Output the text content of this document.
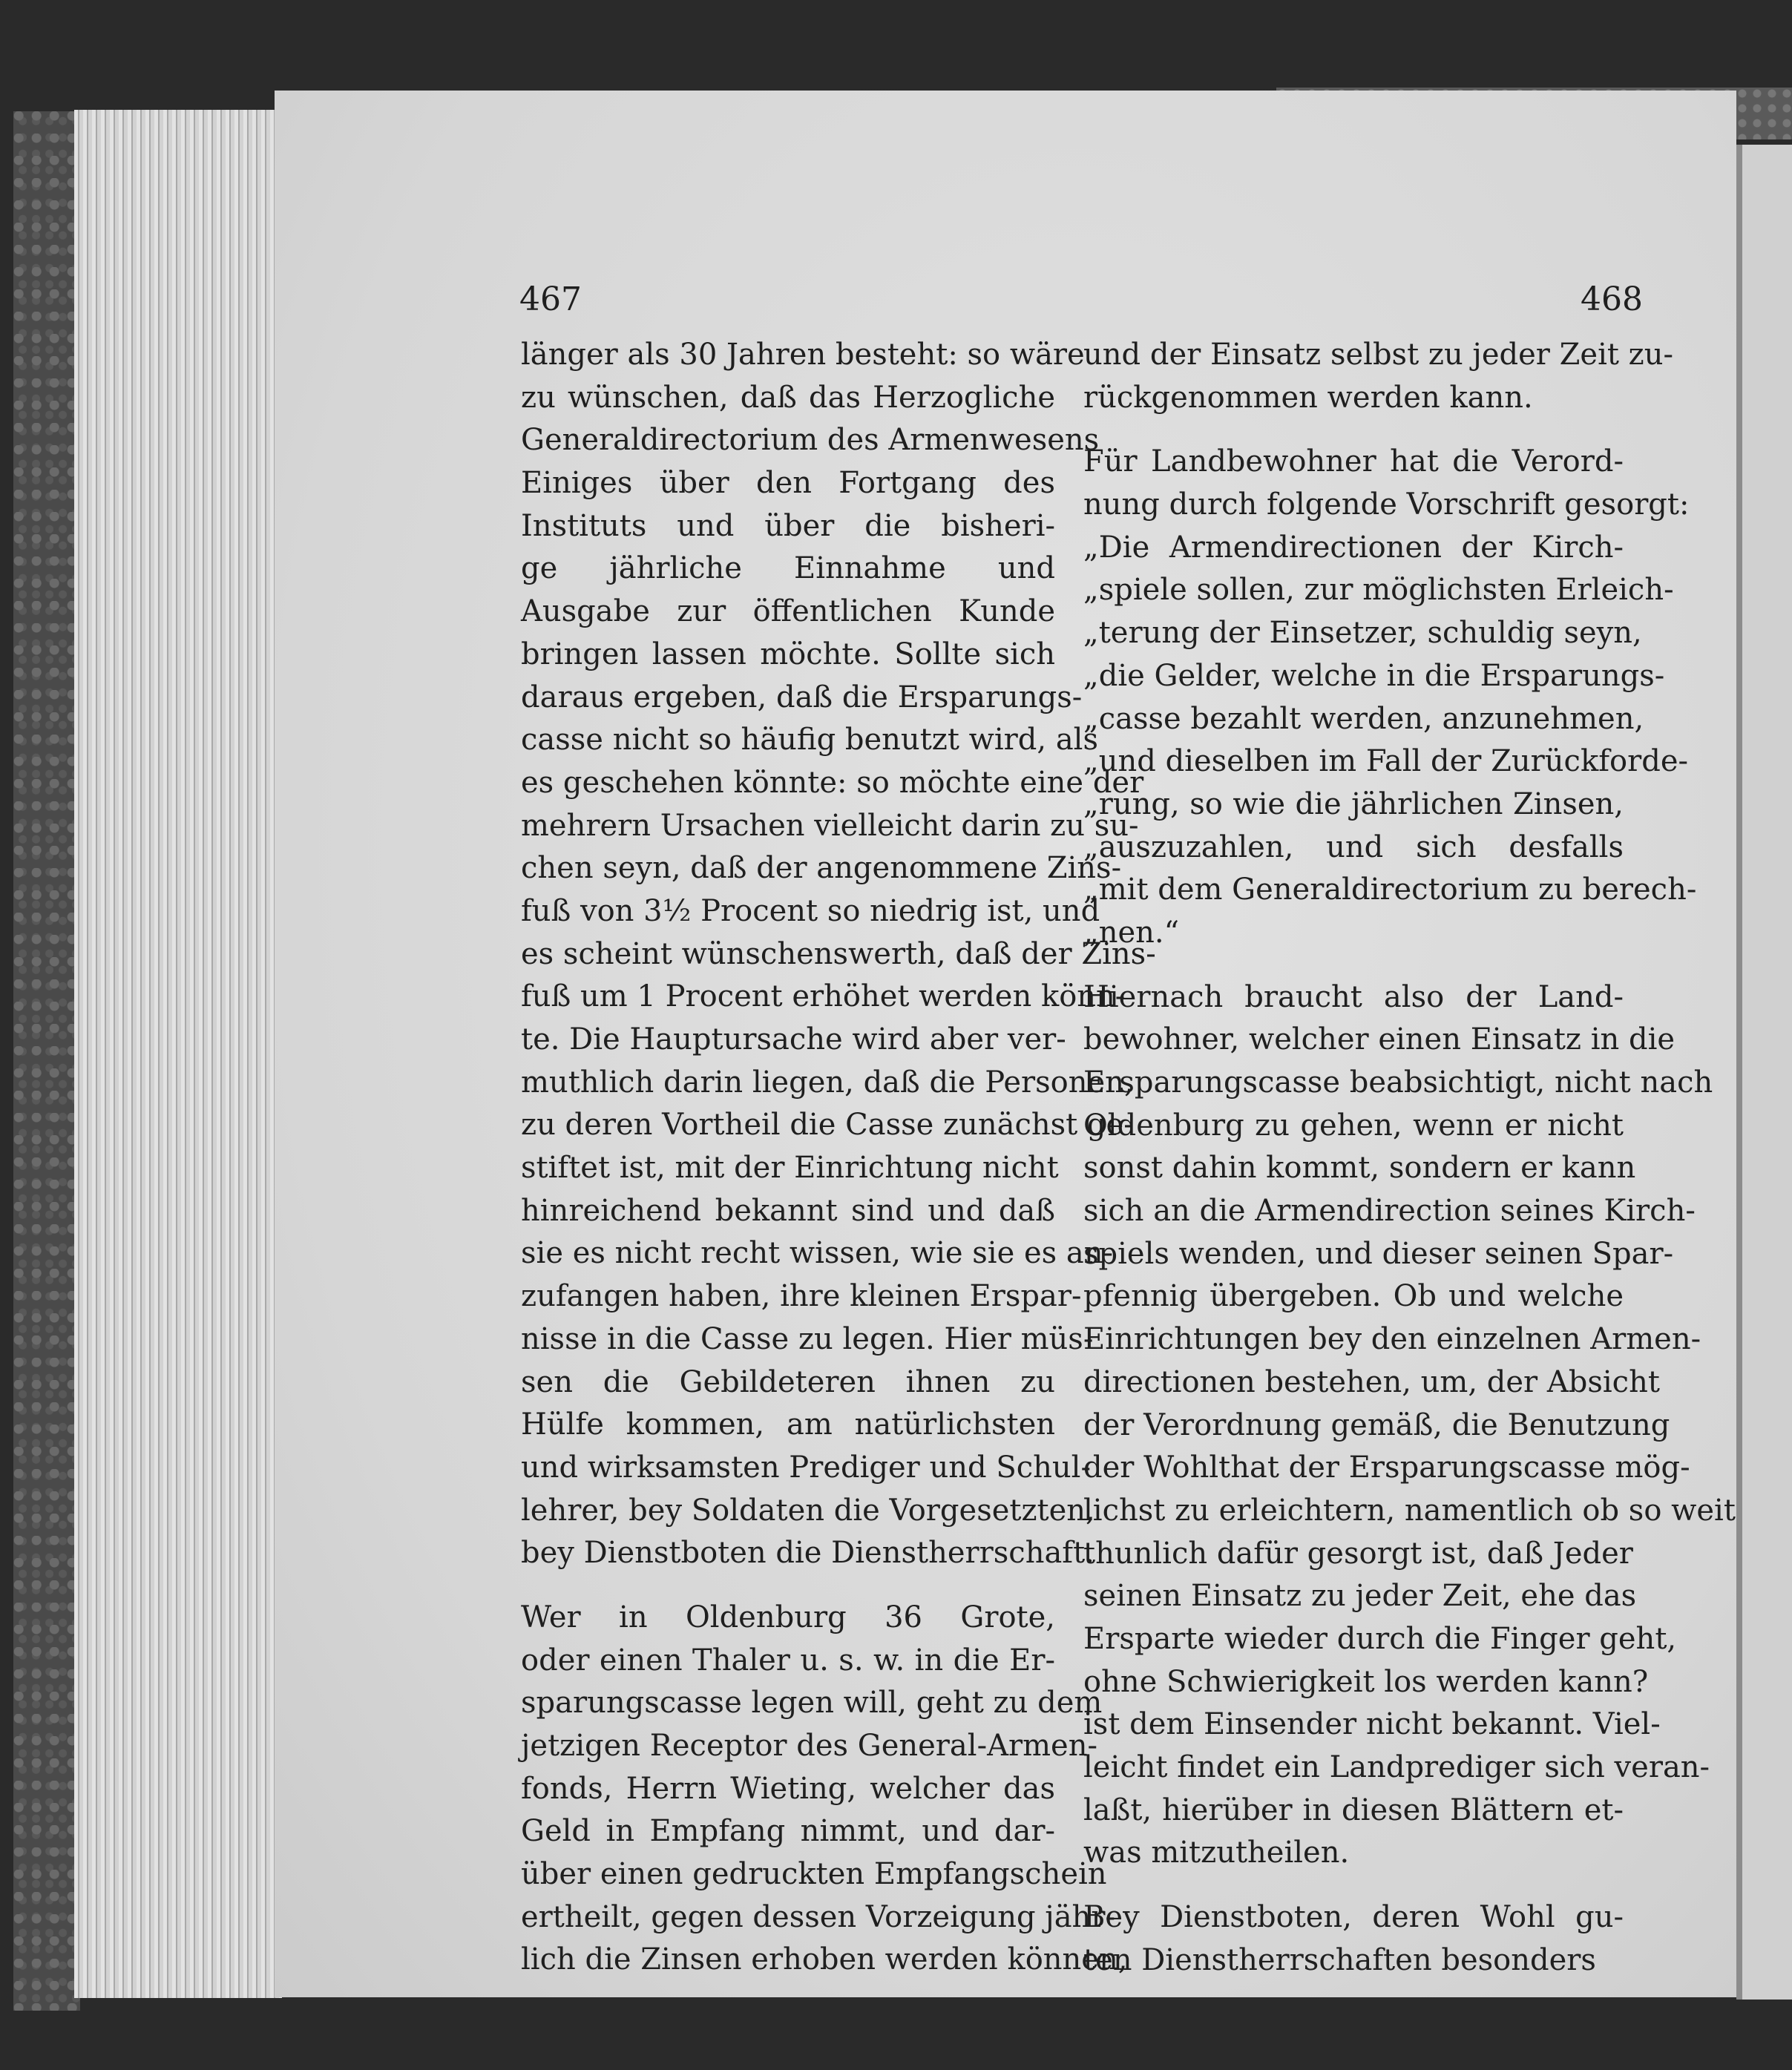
467	468
länger als 30 Jahren besteht: so wäre
zu wünschen, daß das Herzogliche
Generaldirectorium des Armenwesens
Einiges über den Fortgang des
Instituts und über die bisheri-
ge jährliche Einnahme und
Ausgabe zur öffentlichen Kunde
bringen lassen möchte. Sollte sich
daraus ergeben, daß die Ersparungs-
casse nicht so häufig benutzt wird, als
es geschehen könnte: so möchte eine der
mehrern Ursachen vielleicht darin zu su-
chen seyn, daß der angenommene Zins-
fuß von 3½ Procent so niedrig ist, und
es scheint wünschenswerth, daß der Zins-
fuß um 1 Procent erhöhet werden könn-
te. Die Hauptursache wird aber ver-
muthlich darin liegen, daß die Personen,
zu deren Vortheil die Casse zunächst ge-
stiftet ist, mit der Einrichtung nicht
hinreichend bekannt sind und daß
sie es nicht recht wissen, wie sie es an-
zufangen haben, ihre kleinen Erspar-
nisse in die Casse zu legen. Hier müs-
sen die Gebildeteren ihnen zu
Hülfe kommen, am natürlichsten
und wirksamsten Prediger und Schul-
lehrer, bey Soldaten die Vorgesetzten,
bey Dienstboten die Dienstherrschaft.
Wer in Oldenburg 36 Grote,
oder einen Thaler u. s. w. in die Er-
sparungscasse legen will, geht zu dem
jetzigen Receptor des General-Armen-
fonds, Herrn Wieting, welcher das
Geld in Empfang nimmt, und dar-
über einen gedruckten Empfangschein
ertheilt, gegen dessen Vorzeigung jähr-
lich die Zinsen erhoben werden können,
und der Einsatz selbst zu jeder Zeit zu-
rückgenommen werden kann.
Für Landbewohner hat die Verord-
nung durch folgende Vorschrift gesorgt:
„Die Armendirectionen der Kirch-
„spiele sollen, zur möglichsten Erleich-
„terung der Einsetzer, schuldig seyn,
„die Gelder, welche in die Ersparungs-
„casse bezahlt werden, anzunehmen,
„und dieselben im Fall der Zurückforde-
„rung, so wie die jährlichen Zinsen,
„auszuzahlen, und sich desfalls
„mit dem Generaldirectorium zu berech-
„nen.“
Hiernach braucht also der Land-
bewohner, welcher einen Einsatz in die
Ersparungscasse beabsichtigt, nicht nach
Oldenburg zu gehen, wenn er nicht
sonst dahin kommt, sondern er kann
sich an die Armendirection seines Kirch-
spiels wenden, und dieser seinen Spar-
pfennig übergeben. Ob und welche
Einrichtungen bey den einzelnen Armen-
directionen bestehen, um, der Absicht
der Verordnung gemäß, die Benutzung
der Wohlthat der Ersparungscasse mög-
lichst zu erleichtern, namentlich ob so weit
thunlich dafür gesorgt ist, daß Jeder
seinen Einsatz zu jeder Zeit, ehe das
Ersparte wieder durch die Finger geht,
ohne Schwierigkeit los werden kann?
ist dem Einsender nicht bekannt. Viel-
leicht findet ein Landprediger sich veran-
laßt, hierüber in diesen Blättern et-
was mitzutheilen.
Bey Dienstboten, deren Wohl gu-
ten Dienstherrschaften besonders
